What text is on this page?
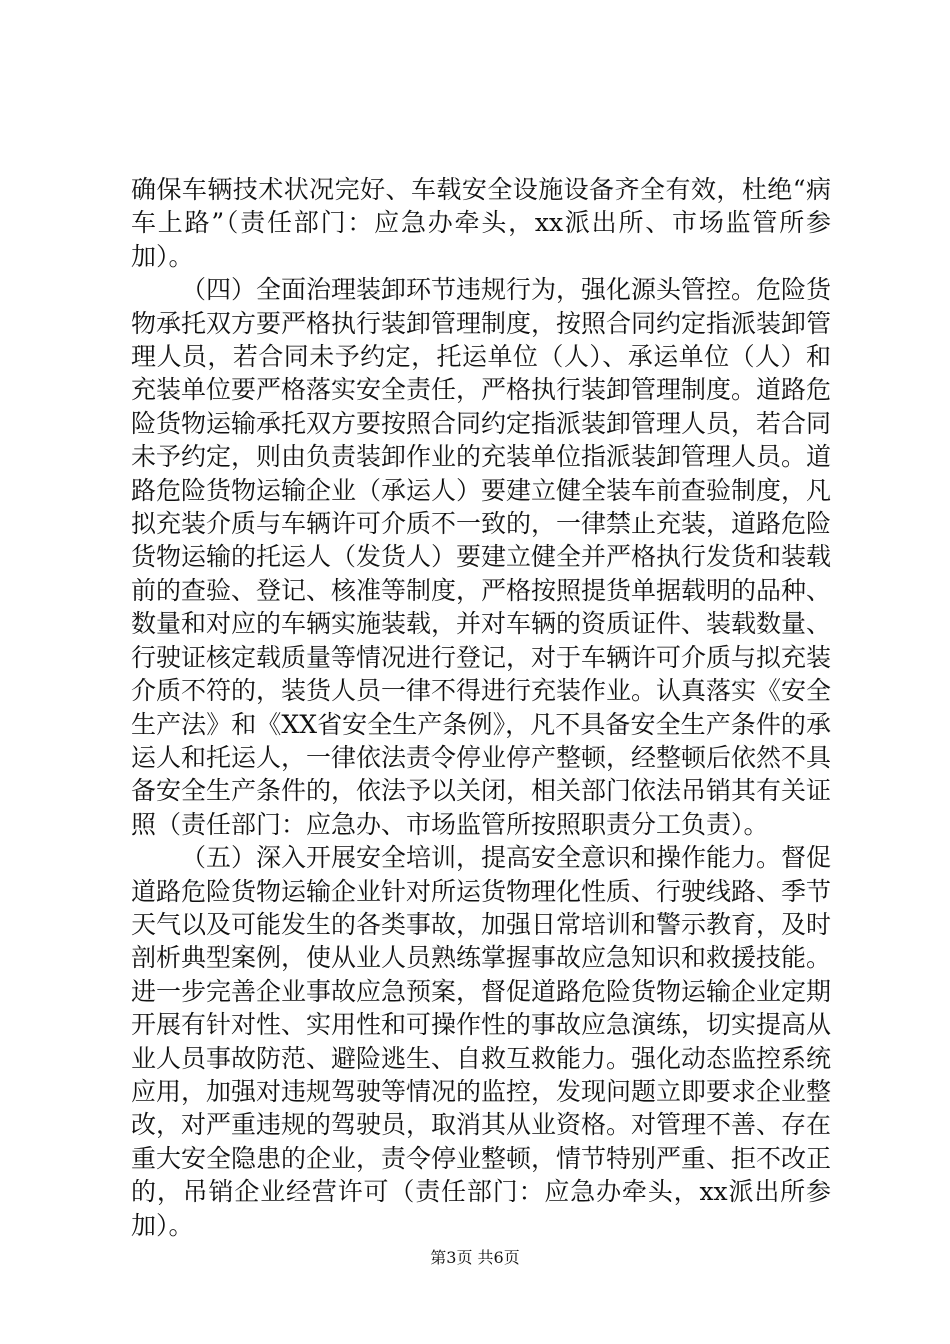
确保车辆技术状况完好、车载安全设施设备齐全有效，杜绝“病车上路”（责任部门：应急办牵头，xx派出所、市场监管所参加）。

（四）全面治理装卸环节违规行为，强化源头管控。危险货物承托双方要严格执行装卸管理制度，按照合同约定指派装卸管理人员，若合同未予约定，托运单位（人）、承运单位（人）和充装单位要严格落实安全责任，严格执行装卸管理制度。道路危险货物运输承托双方要按照合同约定指派装卸管理人员，若合同未予约定，则由负责装卸作业的充装单位指派装卸管理人员。道路危险货物运输企业（承运人）要建立健全装车前查验制度，凡拟充装介质与车辆许可介质不一致的，一律禁止充装，道路危险货物运输的托运人（发货人）要建立健全并严格执行发货和装载前的查验、登记、核准等制度，严格按照提货单据载明的品种、数量和对应的车辆实施装载，并对车辆的资质证件、装载数量、行驶证核定载质量等情况进行登记，对于车辆许可介质与拟充装介质不符的，装货人员一律不得进行充装作业。认真落实《安全生产法》和《XX省安全生产条例》，凡不具备安全生产条件的承运人和托运人，一律依法责令停业停产整顿，经整顿后依然不具备安全生产条件的，依法予以关闭，相关部门依法吊销其有关证照（责任部门：应急办、市场监管所按照职责分工负责）。

（五）深入开展安全培训，提高安全意识和操作能力。督促道路危险货物运输企业针对所运货物理化性质、行驶线路、季节天气以及可能发生的各类事故，加强日常培训和警示教育，及时剖析典型案例，使从业人员熟练掌握事故应急知识和救援技能。进一步完善企业事故应急预案，督促道路危险货物运输企业定期开展有针对性、实用性和可操作性的事故应急演练，切实提高从业人员事故防范、避险逃生、自救互救能力。强化动态监控系统应用，加强对违规驾驶等情况的监控，发现问题立即要求企业整改，对严重违规的驾驶员，取消其从业资格。对管理不善、存在重大安全隐患的企业，责令停业整顿，情节特别严重、拒不改正的，吊销企业经营许可（责任部门：应急办牵头，xx派出所参加）。

第3页 共6页
